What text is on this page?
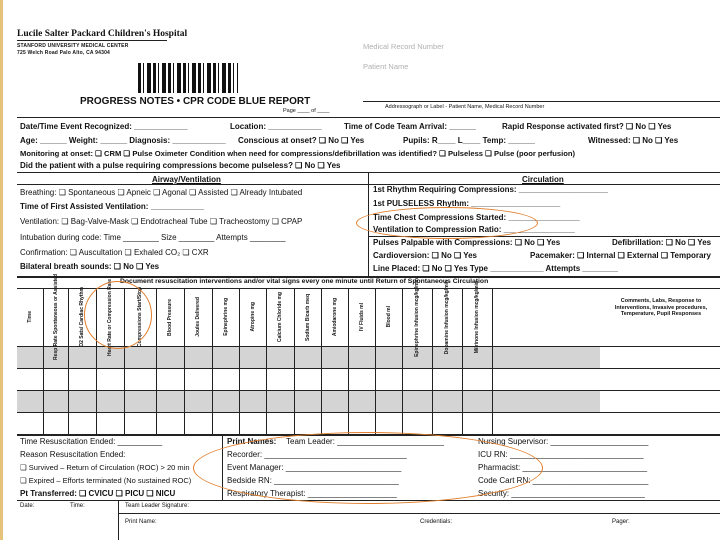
Lucile Salter Packard Children's Hospital
STANFORD UNIVERSITY MEDICAL CENTER
725 Welch Road Palo Alto, CA 94304
PROGRESS NOTES • CPR CODE BLUE REPORT
Page ____ of ____
Medical Record Number
Patient Name
Addressograph or Label - Patient Name, Medical Record Number
Date/Time Event Recognized: ____________	Location: ____________	Time of Code Team Arrival: ______	Rapid Response activated first? ❏ No ❏ Yes
Age: ______ Weight: ______ Diagnosis: ____________ Conscious at onset? ❏ No ❏ Yes	Pupils: R____ L____ Temp: ______	Witnessed: ❏ No ❏ Yes
Monitoring at onset: ❏ CRM ❏ Pulse Oximeter Condition when need for compressions/defibrillation was identified? ❏ Pulseless ❏ Pulse (poor perfusion)
Did the patient with a pulse requiring compressions become pulseless? ❏ No ❏ Yes
Airway/Ventilation	Circulation
Breathing: ❏ Spontaneous ❏ Apneic ❏ Agonal ❏ Assisted ❏ Already Intubated
Time of First Assisted Ventilation: ____________
Ventilation: ❏ Bag-Valve-Mask ❏ Endotracheal Tube ❏ Tracheostomy ❏ CPAP
Intubation during code: Time ________ Size ________ Attempts ________
Confirmation: ❏ Auscultation ❏ Exhaled CO₂ ❏ CXR
Bilateral breath sounds: ❏ No ❏ Yes
1st Rhythm Requiring Compressions: ____________________
1st PULSELESS Rhythm: ____________________
Time Chest Compressions Started: ________________
Ventilation to Compression Ratio: ________________
Pulses Palpable with Compressions: ❏ No ❏ Yes	Defibrillation: ❏ No ❏ Yes
Cardioversion: ❏ No ❏ Yes	Pacemaker: ❏ Internal ❏ External ❏ Temporary
Line Placed: ❏ No ❏ Yes Type ____________ Attempts ________
Document resuscitation interventions and/or vital signs every one minute until Return of Spontaneous Circulation
Time	Resp Rate Spontaneous or Assisted	O2 Sats/ Cardiac Rhythm	Heart Rate or Compression Rate	Compressions Start/Stop	Blood Pressure	Joules Delivered	Epinephrine mg	Atropine mg	Calcium Chloride mg	Sodium Bicarb meq	Amiodarone mg	IV Fluids ml	Blood ml	Epinephrine Infusion mcg/kg/min	Dopamine Infusion mcg/kg/min	Milrinone Infusion mcg/kg/min	Comments, Labs, Response to Interventions, Invasive procedures, Temperature, Pupil Responses
Time Resuscitation Ended: __________
Reason Resuscitation Ended:
❏ Survived – Return of Circulation (ROC) > 20 min
❏ Expired – Efforts terminated (No sustained ROC)
Pt Transferred: ❏ CVICU ❏ PICU ❏ NICU
Print Names: Team Leader: ________________________
Recorder: ________________________________
Event Manager: __________________________
Bedside RN: ____________________________
Respiratory Therapist: ____________________
Nursing Supervisor: ______________________
ICU RN: ______________________________
Pharmacist: ____________________________
Code Cart RN: __________________________
Security: ______________________________
Date:	Time:	Team Leader Signature:
Print Name:	Credentials:	Pager:
